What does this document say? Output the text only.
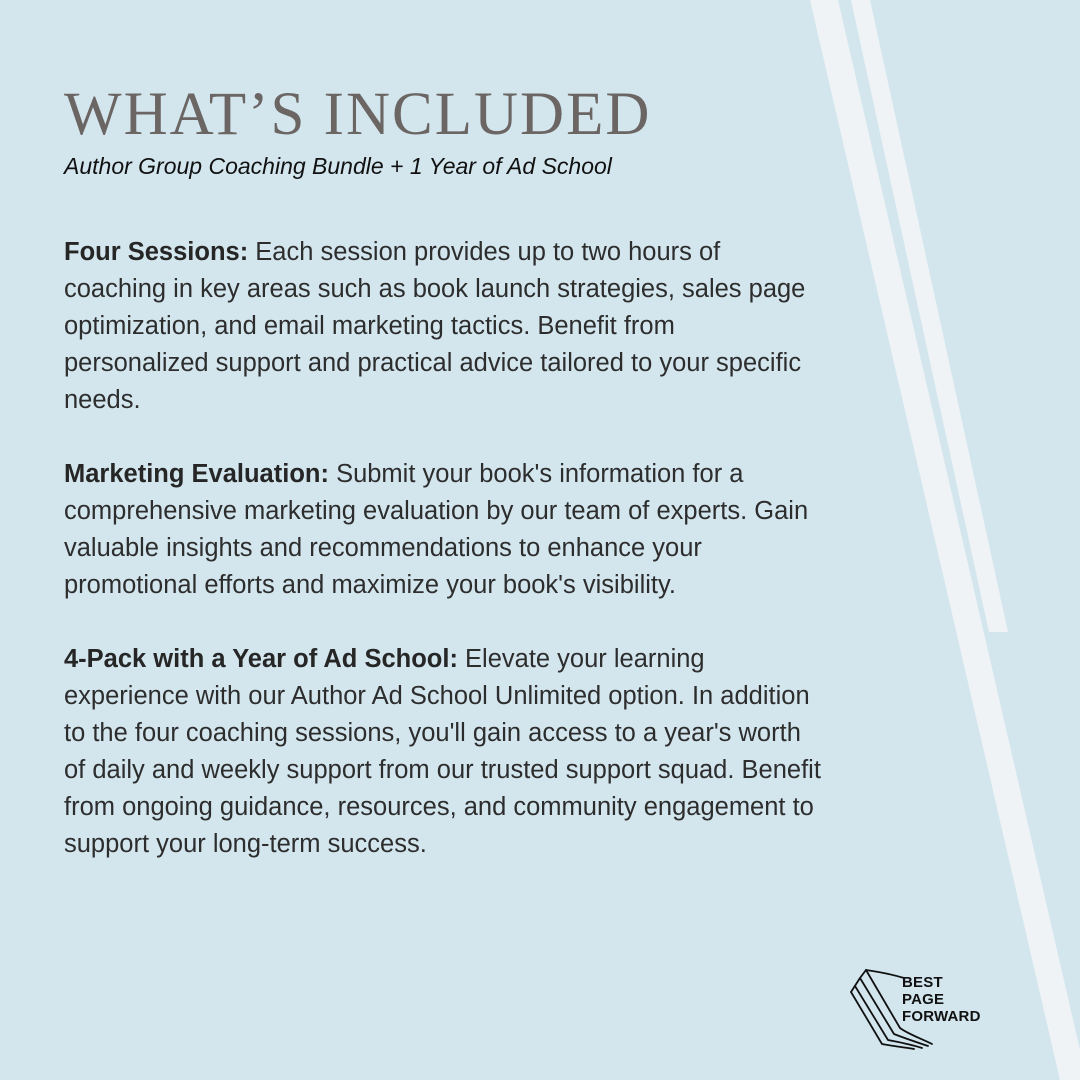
WHAT’S INCLUDED

Author Group Coaching Bundle + 1 Year of Ad School

Four Sessions: Each session provides up to two hours of coaching in key areas such as book launch strategies, sales page optimization, and email marketing tactics. Benefit from personalized support and practical advice tailored to your specific needs.

Marketing Evaluation: Submit your book's information for a comprehensive marketing evaluation by our team of experts. Gain valuable insights and recommendations to enhance your promotional efforts and maximize your book's visibility.

4-Pack with a Year of Ad School: Elevate your learning experience with our Author Ad School Unlimited option. In addition to the four coaching sessions, you'll gain access to a year's worth of daily and weekly support from our trusted support squad. Benefit from ongoing guidance, resources, and community engagement to support your long-term success.

BEST
PAGE
FORWARD
